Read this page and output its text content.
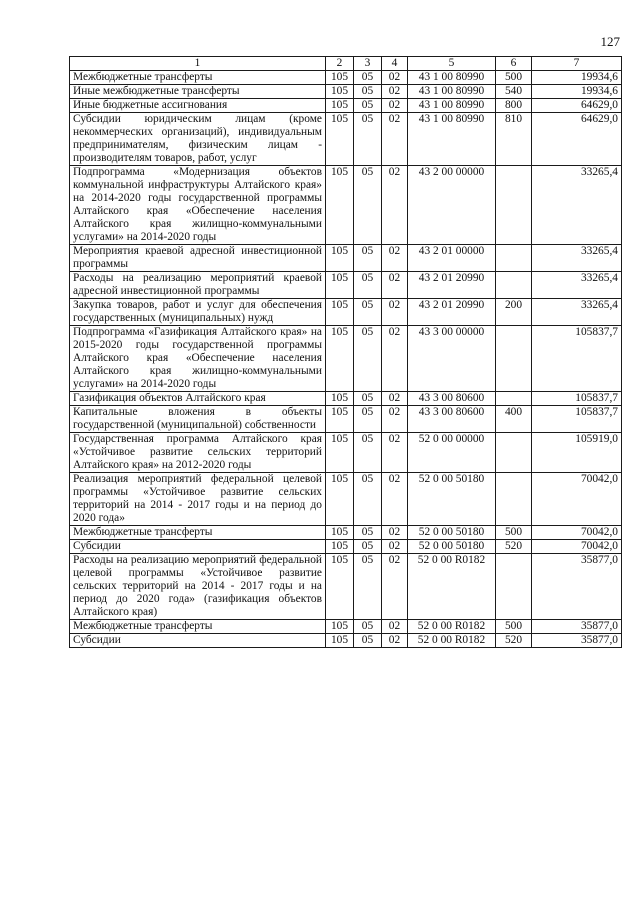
127
1	2	3	4	5	6	7
Межбюджетные трансферты	105	05	02	43 1 00 80990	500	19934,6
Иные межбюджетные трансферты	105	05	02	43 1 00 80990	540	19934,6
Иные бюджетные ассигнования	105	05	02	43 1 00 80990	800	64629,0
Субсидии юридическим лицам (кроме некоммерческих организаций), индивидуальным предпринимателям, физическим лицам - производителям товаров, работ, услуг	105	05	02	43 1 00 80990	810	64629,0
Подпрограмма «Модернизация объектов коммунальной инфраструктуры Алтайского края» на 2014-2020 годы государственной программы Алтайского края «Обеспечение населения Алтайского края жилищно-коммунальными услугами» на 2014-2020 годы	105	05	02	43 2 00 00000		33265,4
Мероприятия краевой адресной инвестиционной программы	105	05	02	43 2 01 00000		33265,4
Расходы на реализацию мероприятий краевой адресной инвестиционной программы	105	05	02	43 2 01 20990		33265,4
Закупка товаров, работ и услуг для обеспечения государственных (муниципальных) нужд	105	05	02	43 2 01 20990	200	33265,4
Подпрограмма «Газификация Алтайского края» на 2015-2020 годы государственной программы Алтайского края «Обеспечение населения Алтайского края жилищно-коммунальными услугами» на 2014-2020 годы	105	05	02	43 3 00 00000		105837,7
Газификация объектов Алтайского края	105	05	02	43 3 00 80600		105837,7
Капитальные вложения в объекты государственной (муниципальной) собственности	105	05	02	43 3 00 80600	400	105837,7
Государственная программа Алтайского края «Устойчивое развитие сельских территорий Алтайского края» на 2012-2020 годы	105	05	02	52 0 00 00000		105919,0
Реализация мероприятий федеральной целевой программы «Устойчивое развитие сельских территорий на 2014 - 2017 годы и на период до 2020 года»	105	05	02	52 0 00 50180		70042,0
Межбюджетные трансферты	105	05	02	52 0 00 50180	500	70042,0
Субсидии	105	05	02	52 0 00 50180	520	70042,0
Расходы на реализацию мероприятий федеральной целевой программы «Устойчивое развитие сельских территорий на 2014 - 2017 годы и на период до 2020 года» (газификация объектов Алтайского края)	105	05	02	52 0 00 R0182		35877,0
Межбюджетные трансферты	105	05	02	52 0 00 R0182	500	35877,0
Субсидии	105	05	02	52 0 00 R0182	520	35877,0
